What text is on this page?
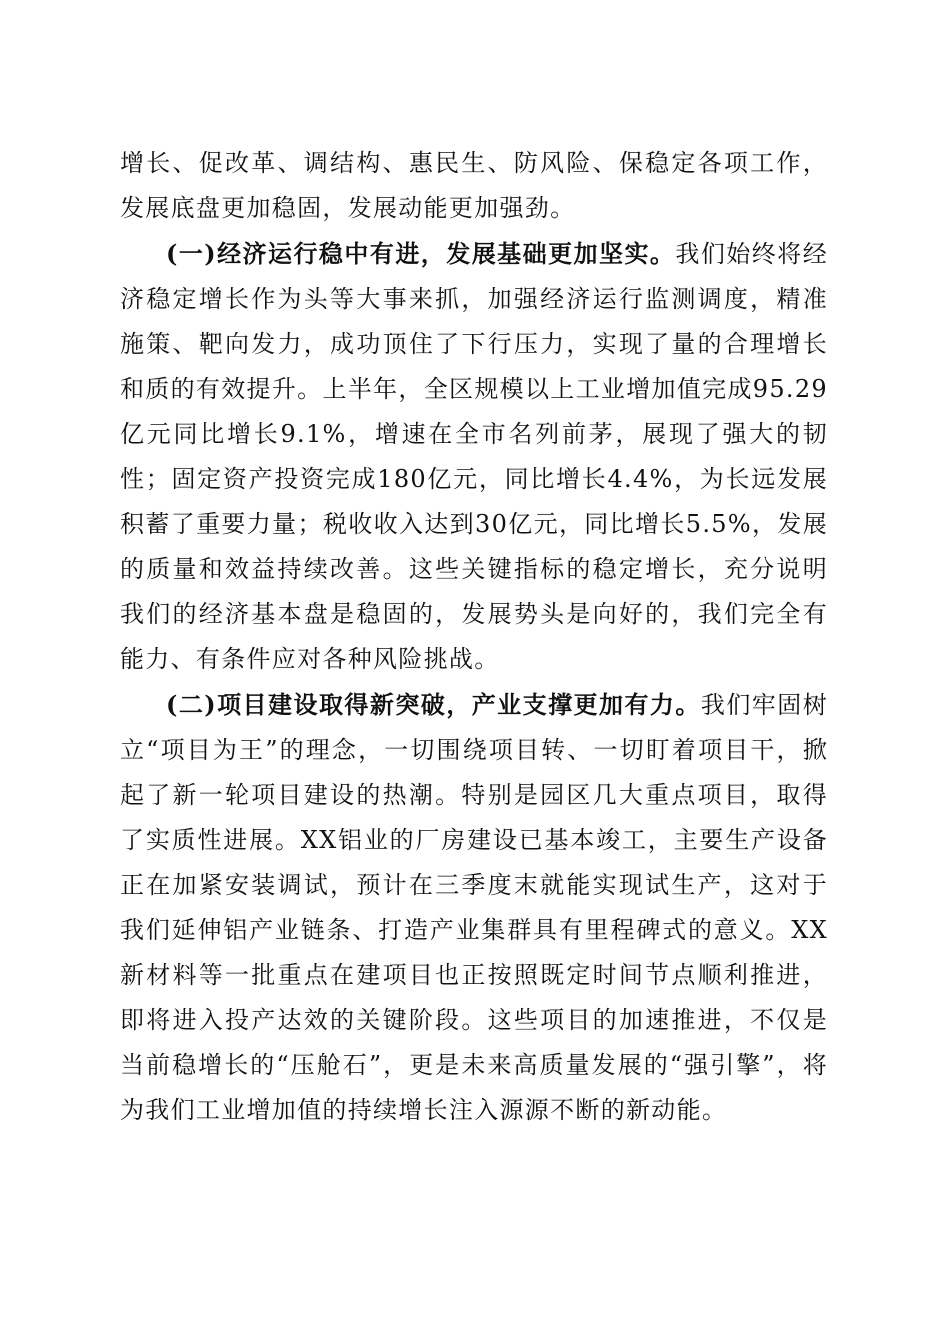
增长、促改革、调结构、惠民生、防风险、保稳定各项工作，发展底盘更加稳固，发展动能更加强劲。

(一)经济运行稳中有进，发展基础更加坚实。我们始终将经济稳定增长作为头等大事来抓，加强经济运行监测调度，精准施策、靶向发力，成功顶住了下行压力，实现了量的合理增长和质的有效提升。上半年，全区规模以上工业增加值完成95.29亿元同比增长9.1%，增速在全市名列前茅，展现了强大的韧性；固定资产投资完成180亿元，同比增长4.4%，为长远发展积蓄了重要力量；税收收入达到30亿元，同比增长5.5%，发展的质量和效益持续改善。这些关键指标的稳定增长，充分说明我们的经济基本盘是稳固的，发展势头是向好的，我们完全有能力、有条件应对各种风险挑战。

(二)项目建设取得新突破，产业支撑更加有力。我们牢固树立“项目为王”的理念，一切围绕项目转、一切盯着项目干，掀起了新一轮项目建设的热潮。特别是园区几大重点项目，取得了实质性进展。XX铝业的厂房建设已基本竣工，主要生产设备正在加紧安装调试，预计在三季度末就能实现试生产，这对于我们延伸铝产业链条、打造产业集群具有里程碑式的意义。XX新材料等一批重点在建项目也正按照既定时间节点顺利推进，即将进入投产达效的关键阶段。这些项目的加速推进，不仅是当前稳增长的“压舱石”，更是未来高质量发展的“强引擎”，将为我们工业增加值的持续增长注入源源不断的新动能。
